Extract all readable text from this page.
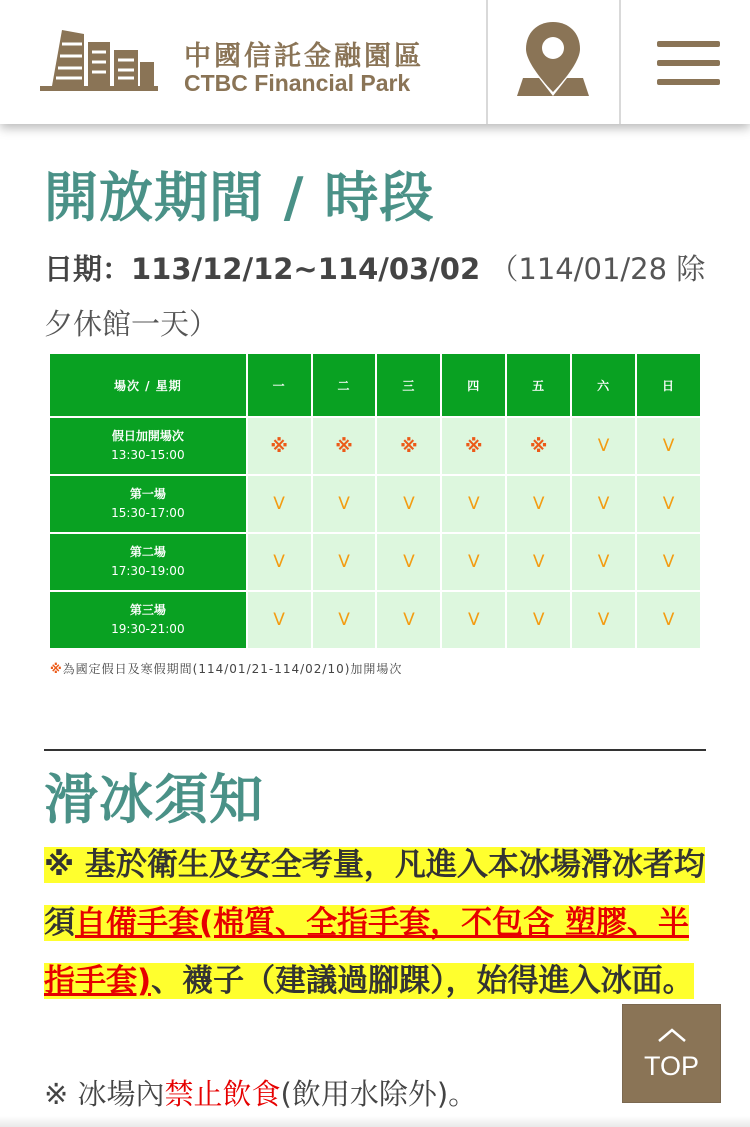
中國信託金融園區
CTBC Financial Park
開放期間 / 時段
日期：113/12/12~114/03/02 （114/01/28 除夕休館一天）
場次 / 星期	一	二	三	四	五	六	日

假日加開場次
13:30-15:00	※	※	※	※	※	V	V

第一場
15:30-17:00	V	V	V	V	V	V	V

第二場
17:30-19:00	V	V	V	V	V	V	V

第三場
19:30-21:00	V	V	V	V	V	V	V
※為國定假日及寒假期間(114/01/21-114/02/10)加開場次
滑冰須知
※ 基於衛生及安全考量，凡進入本冰場滑冰者均須自備手套(棉質、全指手套，不包含 塑膠、半指手套)、襪子（建議過腳踝），始得進入冰面。
※ 冰場內禁止飲食(飲用水除外)。
TOP
